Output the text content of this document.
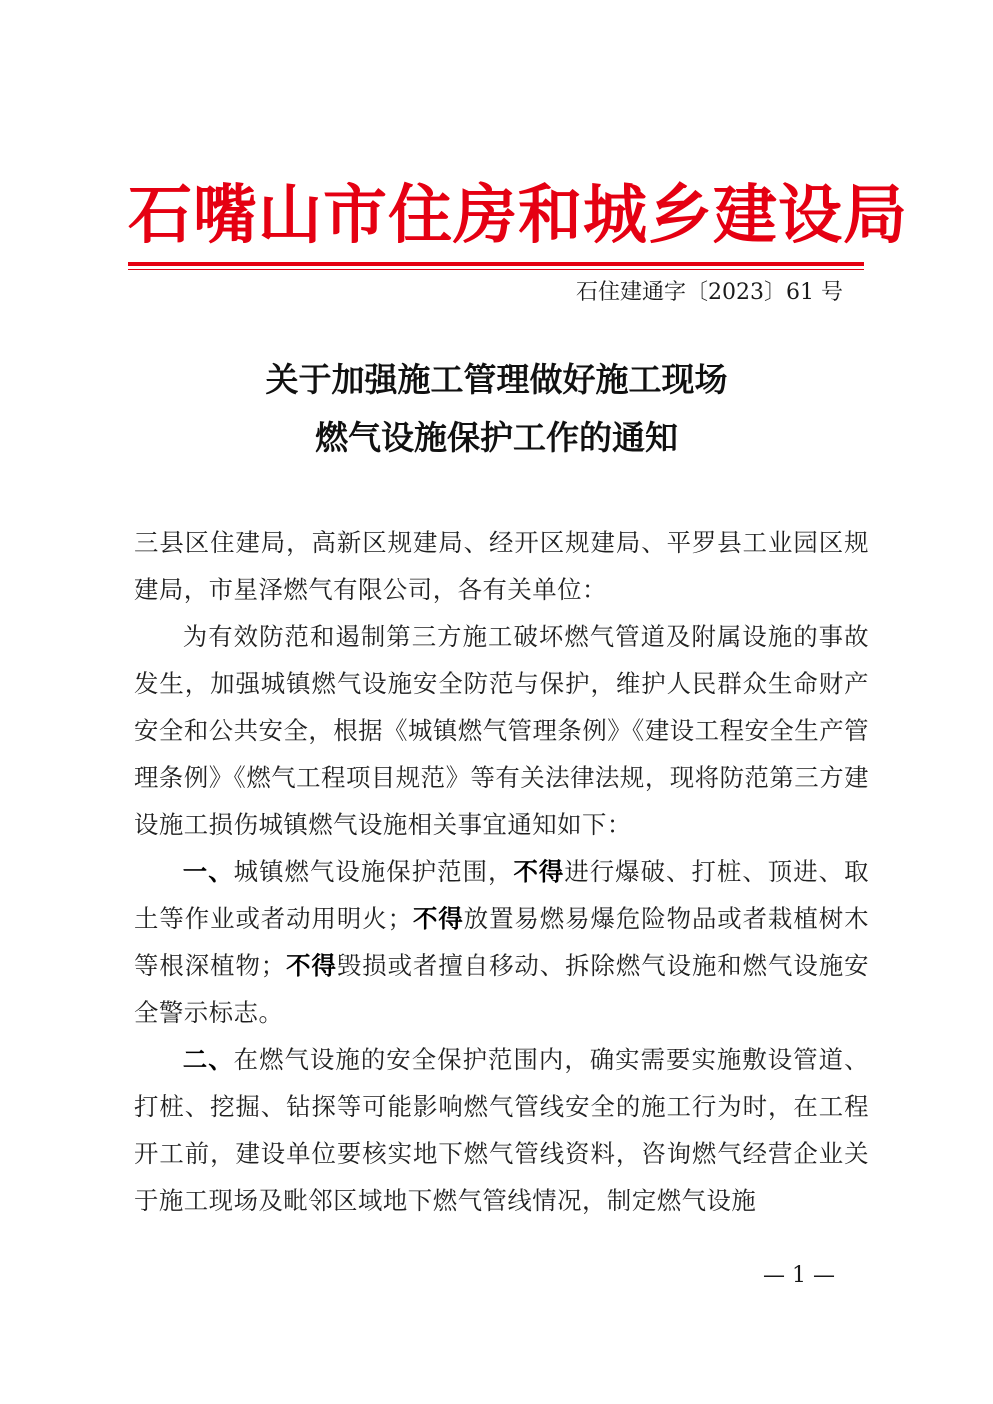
石嘴山市住房和城乡建设局
石住建通字〔2023〕61 号
关于加强施工管理做好施工现场
燃气设施保护工作的通知

三县区住建局，高新区规建局、经开区规建局、平罗县工业园区规建局，市星泽燃气有限公司，各有关单位：

为有效防范和遏制第三方施工破坏燃气管道及附属设施的事故发生，加强城镇燃气设施安全防范与保护，维护人民群众生命财产安全和公共安全，根据《城镇燃气管理条例》《建设工程安全生产管理条例》《燃气工程项目规范》等有关法律法规，现将防范第三方建设施工损伤城镇燃气设施相关事宜通知如下：

一、城镇燃气设施保护范围，不得进行爆破、打桩、顶进、取土等作业或者动用明火；不得放置易燃易爆危险物品或者栽植树木等根深植物；不得毁损或者擅自移动、拆除燃气设施和燃气设施安全警示标志。

二、在燃气设施的安全保护范围内，确实需要实施敷设管道、打桩、挖掘、钻探等可能影响燃气管线安全的施工行为时，在工程开工前，建设单位要核实地下燃气管线资料，咨询燃气经营企业关于施工现场及毗邻区域地下燃气管线情况，制定燃气设施

— 1 —
